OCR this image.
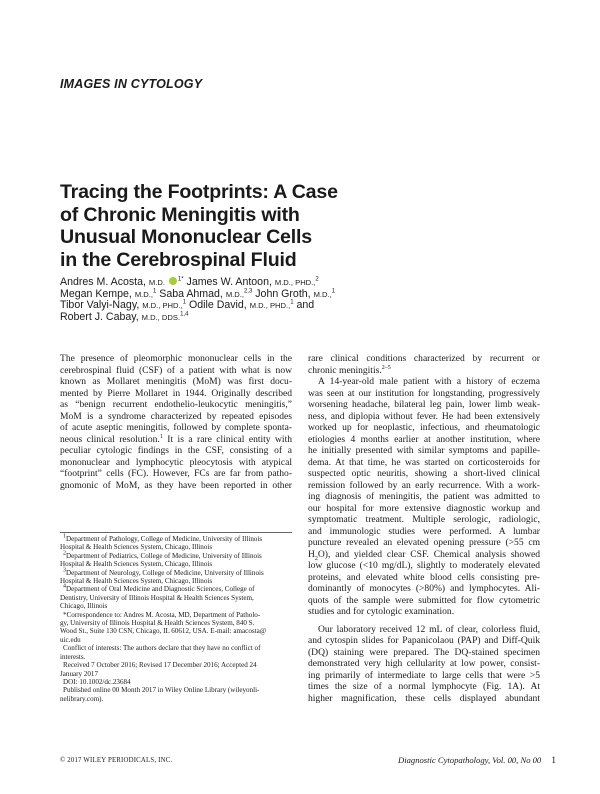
IMAGES IN CYTOLOGY
Tracing the Footprints: A Case
of Chronic Meningitis with
Unusual Mononuclear Cells
in the Cerebrospinal Fluid
Andres M. Acosta, M.D. $^{1*}$ James W. Antoon, M.D., PHD.,$^2$
Megan Kempe, M.D.,$^1$ Saba Ahmad, M.D.,$^{2,3}$ John Groth, M.D.,$^1$
Tibor Valyi-Nagy, M.D., PHD.,$^1$ Odile David, M.D., PHD.,$^1$ and
Robert J. Cabay, M.D., DDS.$^{1,4}$
The presence of pleomorphic mononuclear cells in the
cerebrospinal fluid (CSF) of a patient with what is now
known as Mollaret meningitis (MoM) was first docu-
mented by Pierre Mollaret in 1944. Originally described
as “benign recurrent endothelio-leukocytic meningitis,”
MoM is a syndrome characterized by repeated episodes
of acute aseptic meningitis, followed by complete sponta-
neous clinical resolution.$^1$ It is a rare clinical entity with
peculiar cytologic findings in the CSF, consisting of a
mononuclear and lymphocytic pleocytosis with atypical
“footprint” cells (FC). However, FCs are far from patho-
gnomonic of MoM, as they have been reported in other
$^1$Department of Pathology, College of Medicine, University of Illinois
Hospital & Health Sciences System, Chicago, Illinois
$^2$Department of Pediatrics, College of Medicine, University of Illinois
Hospital & Health Sciences System, Chicago, Illinois
$^3$Department of Neurology, College of Medicine, University of Illinois
Hospital & Health Sciences System, Chicago, Illinois
$^4$Department of Oral Medicine and Diagnostic Sciences, College of
Dentistry, University of Illinois Hospital & Health Sciences System,
Chicago, Illinois
*Correspondence to: Andres M. Acosta, MD, Department of Patholo-
gy, University of Illinois Hospital & Health Sciences System, 840 S.
Wood St., Suite 130 CSN, Chicago, IL 60612, USA. E-mail: amacosta@
uic.edu
Conflict of interests: The authors declare that they have no conflict of
interests.
Received 7 October 2016; Revised 17 December 2016; Accepted 24
January 2017
DOI: 10.1002/dc.23684
Published online 00 Month 2017 in Wiley Online Library (wileyonli-
nelibrary.com).
rare clinical conditions characterized by recurrent or
chronic meningitis.$^{2-5}$
A 14-year-old male patient with a history of eczema
was seen at our institution for longstanding, progressively
worsening headache, bilateral leg pain, lower limb weak-
ness, and diplopia without fever. He had been extensively
worked up for neoplastic, infectious, and rheumatologic
etiologies 4 months earlier at another institution, where
he initially presented with similar symptoms and papille-
dema. At that time, he was started on corticosteroids for
suspected optic neuritis, showing a short-lived clinical
remission followed by an early recurrence. With a work-
ing diagnosis of meningitis, the patient was admitted to
our hospital for more extensive diagnostic workup and
symptomatic treatment. Multiple serologic, radiologic,
and immunologic studies were performed. A lumbar
puncture revealed an elevated opening pressure (>55 cm
$H_2O$), and yielded clear CSF. Chemical analysis showed
low glucose (<10 mg/dL), slightly to moderately elevated
proteins, and elevated white blood cells consisting pre-
dominantly of monocytes (>80%) and lymphocytes. Ali-
quots of the sample were submitted for flow cytometric
studies and for cytologic examination.
Our laboratory received 12 mL of clear, colorless fluid,
and cytospin slides for Papanicolaou (PAP) and Diff-Quik
(DQ) staining were prepared. The DQ-stained specimen
demonstrated very high cellularity at low power, consist-
ing primarily of intermediate to large cells that were >5
times the size of a normal lymphocyte (Fig. 1A). At
higher magnification, these cells displayed abundant
© 2017 WILEY PERIODICALS, INC.	Diagnostic Cytopathology, Vol. 00, No 00 1
